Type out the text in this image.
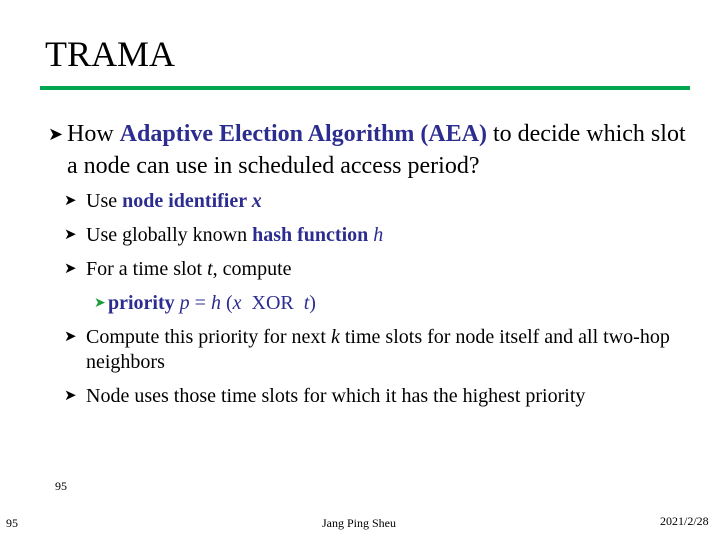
TRAMA
➤ How Adaptive Election Algorithm (AEA) to decide which slot a node can use in scheduled access period?
➤ Use node identifier x
➤ Use globally known hash function h
➤ For a time slot t, compute
➤ priority p = h (x  XOR  t)
➤ Compute this priority for next k time slots for node itself and all two-hop neighbors
➤ Node uses those time slots for which it has the highest priority
95
95
Jang Ping Sheu	2021/2/28
